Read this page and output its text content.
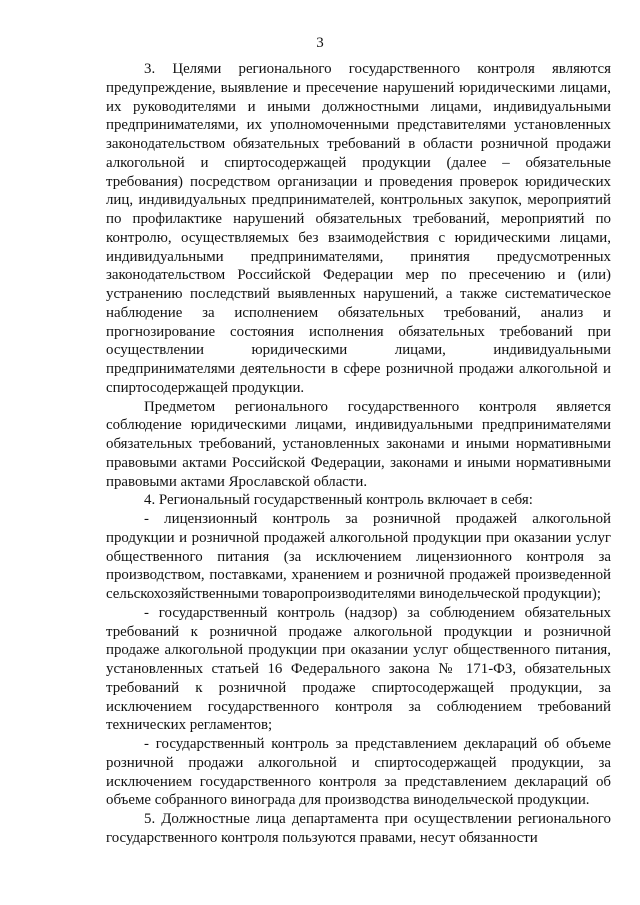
3

3. Целями регионального государственного контроля являются предупреждение, выявление и пресечение нарушений юридическими лицами, их руководителями и иными должностными лицами, индивидуальными предпринимателями, их уполномоченными представителями установленных законодательством обязательных требований в области розничной продажи алкогольной и спиртосодержащей продукции (далее – обязательные требования) посредством организации и проведения проверок юридических лиц, индивидуальных предпринимателей, контрольных закупок, мероприятий по профилактике нарушений обязательных требований, мероприятий по контролю, осуществляемых без взаимодействия с юридическими лицами, индивидуальными предпринимателями, принятия предусмотренных законодательством Российской Федерации мер по пресечению и (или) устранению последствий выявленных нарушений, а также систематическое наблюдение за исполнением обязательных требований, анализ и прогнозирование состояния исполнения обязательных требований при осуществлении юридическими лицами, индивидуальными предпринимателями деятельности в сфере розничной продажи алкогольной и спиртосодержащей продукции.

Предметом регионального государственного контроля является соблюдение юридическими лицами, индивидуальными предпринимателями обязательных требований, установленных законами и иными нормативными правовыми актами Российской Федерации, законами и иными нормативными правовыми актами Ярославской области.

4. Региональный государственный контроль включает в себя:

- лицензионный контроль за розничной продажей алкогольной продукции и розничной продажей алкогольной продукции при оказании услуг общественного питания (за исключением лицензионного контроля за производством, поставками, хранением и розничной продажей произведенной сельскохозяйственными товаропроизводителями винодельческой продукции);

- государственный контроль (надзор) за соблюдением обязательных требований к розничной продаже алкогольной продукции и розничной продаже алкогольной продукции при оказании услуг общественного питания, установленных статьей 16 Федерального закона № 171-ФЗ, обязательных требований к розничной продаже спиртосодержащей продукции, за исключением государственного контроля за соблюдением требований технических регламентов;

- государственный контроль за представлением деклараций об объеме розничной продажи алкогольной и спиртосодержащей продукции, за исключением государственного контроля за представлением деклараций об объеме собранного винограда для производства винодельческой продукции.

5. Должностные лица департамента при осуществлении регионального государственного контроля пользуются правами, несут обязанности
